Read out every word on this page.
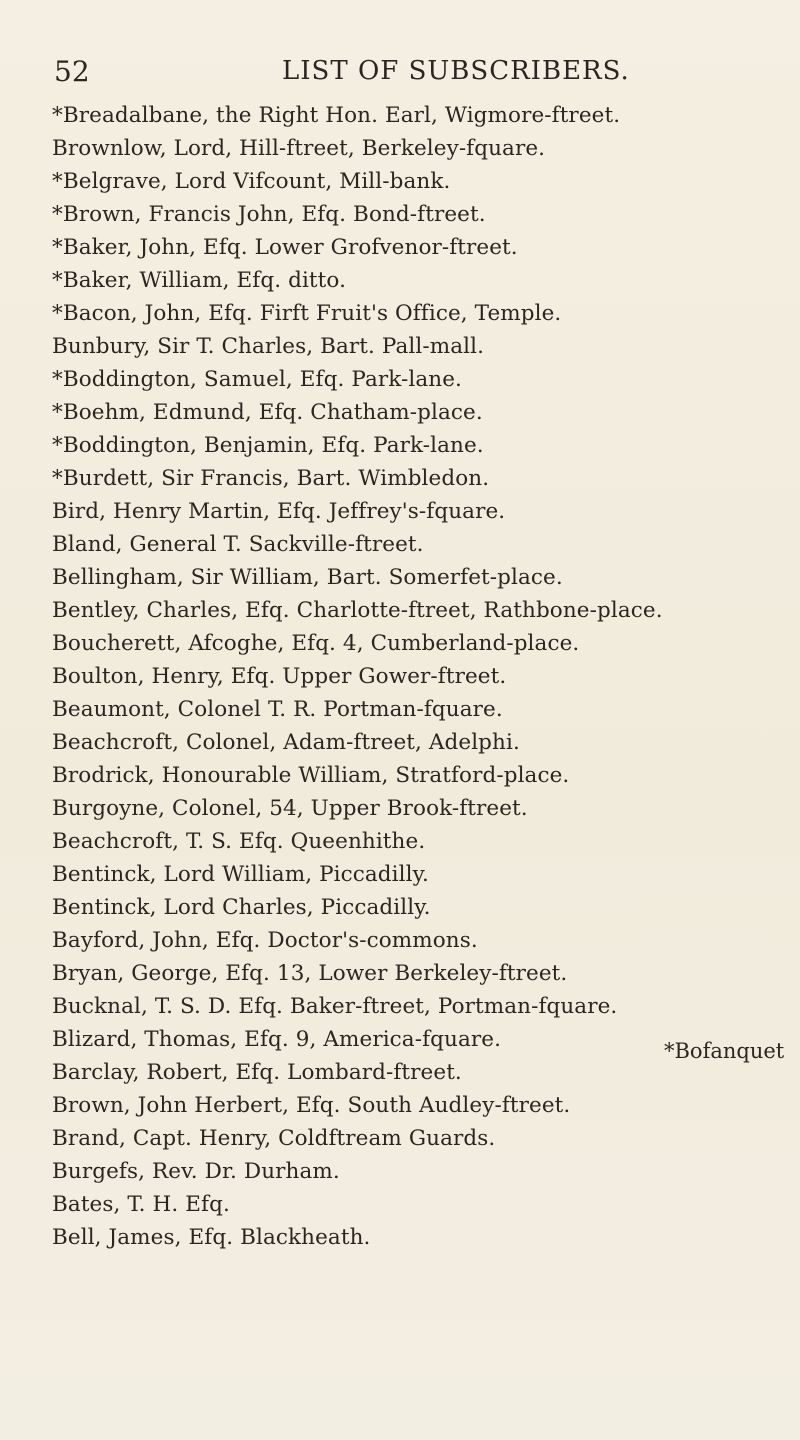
52	LIST OF SUBSCRIBERS.
*Breadalbane, the Right Hon. Earl, Wigmore-ftreet.
Brownlow, Lord, Hill-ftreet, Berkeley-fquare.
*Belgrave, Lord Vifcount, Mill-bank.
*Brown, Francis John, Efq. Bond-ftreet.
*Baker, John, Efq. Lower Grofvenor-ftreet.
*Baker, William, Efq. ditto.
*Bacon, John, Efq. Firft Fruit's Office, Temple.
Bunbury, Sir T. Charles, Bart. Pall-mall.
*Boddington, Samuel, Efq. Park-lane.
*Boehm, Edmund, Efq. Chatham-place.
*Boddington, Benjamin, Efq. Park-lane.
*Burdett, Sir Francis, Bart. Wimbledon.
Bird, Henry Martin, Efq. Jeffrey's-fquare.
Bland, General T. Sackville-ftreet.
Bellingham, Sir William, Bart. Somerfet-place.
Bentley, Charles, Efq. Charlotte-ftreet, Rathbone-place.
Boucherett, Afcoghe, Efq. 4, Cumberland-place.
Boulton, Henry, Efq. Upper Gower-ftreet.
Beaumont, Colonel T. R. Portman-fquare.
Beachcroft, Colonel, Adam-ftreet, Adelphi.
Brodrick, Honourable William, Stratford-place.
Burgoyne, Colonel, 54, Upper Brook-ftreet.
Beachcroft, T. S. Efq. Queenhithe.
Bentinck, Lord William, Piccadilly.
Bentinck, Lord Charles, Piccadilly.
Bayford, John, Efq. Doctor's-commons.
Bryan, George, Efq. 13, Lower Berkeley-ftreet.
Bucknal, T. S. D. Efq. Baker-ftreet, Portman-fquare.
Blizard, Thomas, Efq. 9, America-fquare.
Barclay, Robert, Efq. Lombard-ftreet.
Brown, John Herbert, Efq. South Audley-ftreet.
Brand, Capt. Henry, Coldftream Guards.
Burgefs, Rev. Dr. Durham.
Bates, T. H. Efq.
Bell, James, Efq. Blackheath.
*Bofanquet
